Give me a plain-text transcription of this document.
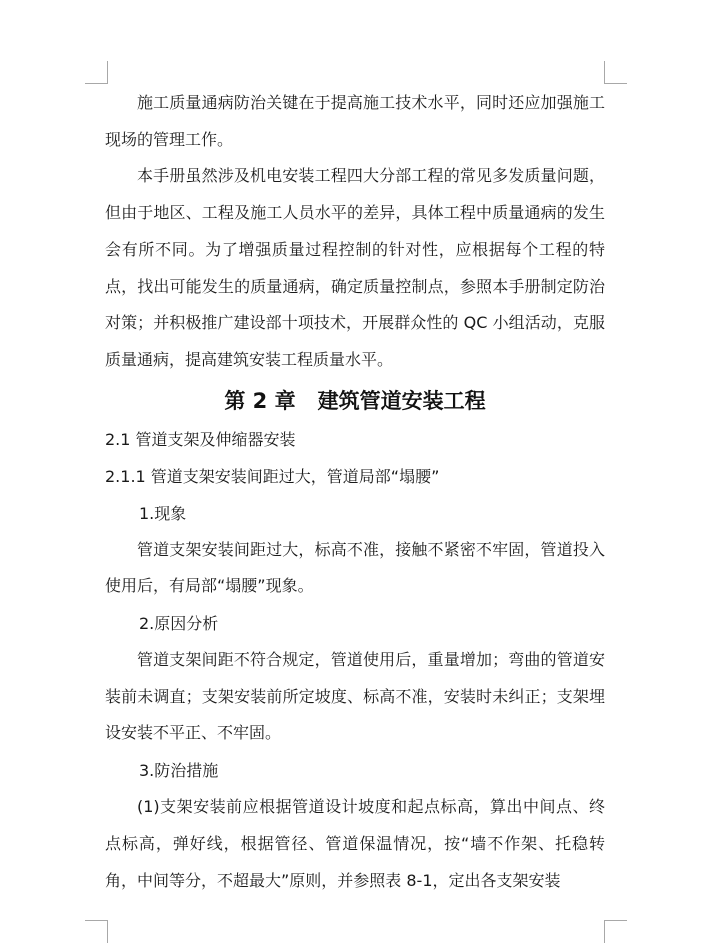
施工质量通病防治关键在于提高施工技术水平，同时还应加强施工现场的管理工作。

本手册虽然涉及机电安装工程四大分部工程的常见多发质量问题，但由于地区、工程及施工人员水平的差异，具体工程中质量通病的发生会有所不同。为了增强质量过程控制的针对性，应根据每个工程的特点，找出可能发生的质量通病，确定质量控制点，参照本手册制定防治对策；并积极推广建设部十项技术，开展群众性的 QC 小组活动，克服质量通病，提高建筑安装工程质量水平。

第 2 章 建筑管道安装工程

2.1 管道支架及伸缩器安装

2.1.1 管道支架安装间距过大，管道局部“塌腰”

1.现象

管道支架安装间距过大，标高不准，接触不紧密不牢固，管道投入使用后，有局部“塌腰”现象。

2.原因分析

管道支架间距不符合规定，管道使用后，重量增加；弯曲的管道安装前未调直；支架安装前所定坡度、标高不准，安装时未纠正；支架埋设安装不平正、不牢固。

3.防治措施

(1)支架安装前应根据管道设计坡度和起点标高，算出中间点、终点标高，弹好线，根据管径、管道保温情况，按“墙不作架、托稳转角，中间等分，不超最大”原则，并参照表 8-1，定出各支架安装
